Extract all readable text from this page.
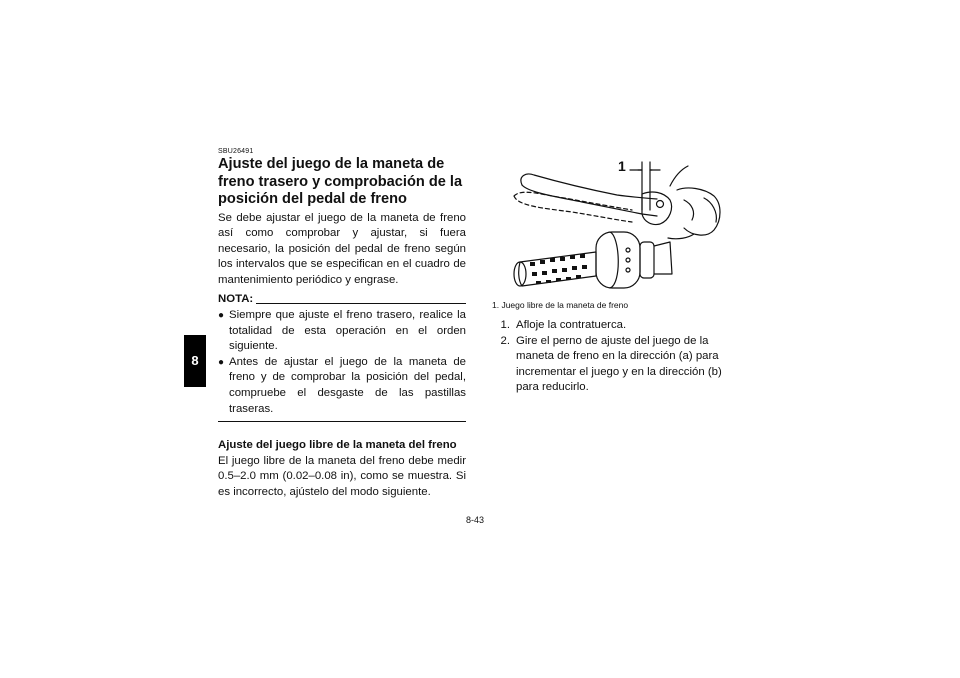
8
SBU26491
Ajuste del juego de la maneta de freno trasero y comprobación de la posición del pedal de freno

Se debe ajustar el juego de la maneta de freno así como comprobar y ajustar, si fuera necesario, la posición del pedal de freno según los intervalos que se especifican en el cuadro de mantenimiento periódico y engrase.

NOTA:
● Siempre que ajuste el freno trasero, realice la totalidad de esta operación en el orden siguiente.
● Antes de ajustar el juego de la maneta de freno y de comprobar la posición del pedal, compruebe el desgaste de las pastillas traseras.
Ajuste del juego libre de la maneta del freno

El juego libre de la maneta del freno debe medir 0.5–2.0 mm (0.02–0.08 in), como se muestra. Si es incorrecto, ajústelo del modo siguiente.

1
1. Juego libre de la maneta de freno
1. Afloje la contratuerca.
2. Gire el perno de ajuste del juego de la maneta de freno en la dirección (a) para incrementar el juego y en la dirección (b) para reducirlo.
8-43
